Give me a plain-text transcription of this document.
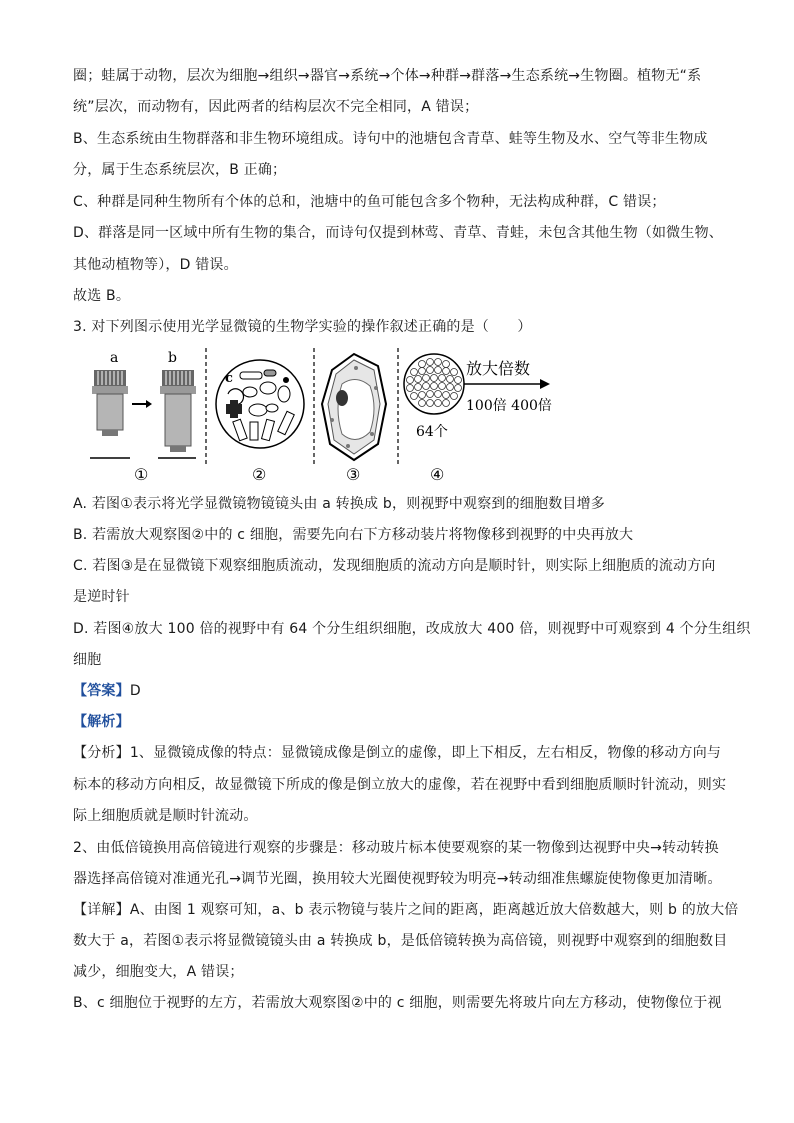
圈；蛙属于动物，层次为细胞→组织→器官→系统→个体→种群→群落→生态系统→生物圈。植物无“系
统”层次，而动物有，因此两者的结构层次不完全相同，A 错误；
B、生态系统由生物群落和非生物环境组成。诗句中的池塘包含青草、蛙等生物及水、空气等非生物成
分，属于生态系统层次，B 正确；
C、种群是同种生物所有个体的总和，池塘中的鱼可能包含多个物种，无法构成种群，C 错误；
D、群落是同一区域中所有生物的集合，而诗句仅提到林莺、青草、青蛙，未包含其他生物（如微生物、
其他动植物等），D 错误。
故选 B。
3. 对下列图示使用光学显微镜的生物学实验的操作叙述正确的是（　　）
a	b
①
c
②	③
64个
放大倍数
100倍 400倍
④
A. 若图①表示将光学显微镜物镜镜头由 a 转换成 b，则视野中观察到的细胞数目增多
B. 若需放大观察图②中的 c 细胞，需要先向右下方移动装片将物像移到视野的中央再放大
C. 若图③是在显微镜下观察细胞质流动，发现细胞质的流动方向是顺时针，则实际上细胞质的流动方向
是逆时针
D. 若图④放大 100 倍的视野中有 64 个分生组织细胞，改成放大 400 倍，则视野中可观察到 4 个分生组织
细胞
【答案】D
【解析】
【分析】1、显微镜成像的特点：显微镜成像是倒立的虚像，即上下相反，左右相反，物像的移动方向与
标本的移动方向相反，故显微镜下所成的像是倒立放大的虚像，若在视野中看到细胞质顺时针流动，则实
际上细胞质就是顺时针流动。
2、由低倍镜换用高倍镜进行观察的步骤是：移动玻片标本使要观察的某一物像到达视野中央→转动转换
器选择高倍镜对准通光孔→调节光圈，换用较大光圈使视野较为明亮→转动细准焦螺旋使物像更加清晰。
【详解】A、由图 1 观察可知，a、b 表示物镜与装片之间的距离，距离越近放大倍数越大，则 b 的放大倍
数大于 a，若图①表示将显微镜镜头由 a 转换成 b，是低倍镜转换为高倍镜，则视野中观察到的细胞数目
减少，细胞变大，A 错误；
B、c 细胞位于视野的左方，若需放大观察图②中的 c 细胞，则需要先将玻片向左方移动，使物像位于视
